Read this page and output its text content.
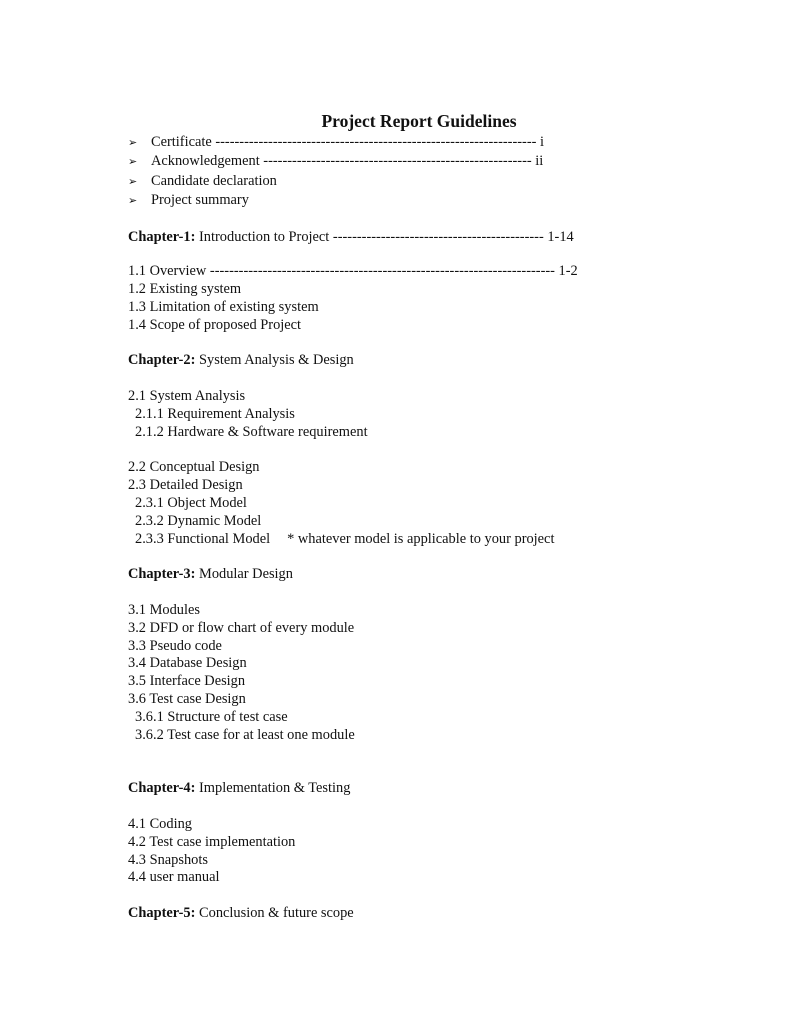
Project Report Guidelines
➢ Certificate ------------------------------------------------------------------- i
➢ Acknowledgement -------------------------------------------------------- ii
➢ Candidate declaration
➢ Project summary
Chapter-1: Introduction to Project -------------------------------------------- 1-14
1.1 Overview ------------------------------------------------------------------------ 1-2
1.2 Existing system
1.3 Limitation of existing system
1.4 Scope of proposed Project
Chapter-2: System Analysis & Design
2.1 System Analysis
2.1.1 Requirement Analysis
2.1.2 Hardware & Software requirement
2.2 Conceptual Design
2.3 Detailed Design
2.3.1 Object Model
2.3.2 Dynamic Model
2.3.3 Functional Model * whatever model is applicable to your project
Chapter-3: Modular Design
3.1 Modules
3.2 DFD or flow chart of every module
3.3 Pseudo code
3.4 Database Design
3.5 Interface Design
3.6 Test case Design
3.6.1 Structure of test case
3.6.2 Test case for at least one module
Chapter-4: Implementation & Testing
4.1 Coding
4.2 Test case implementation
4.3 Snapshots
4.4 user manual
Chapter-5: Conclusion & future scope
